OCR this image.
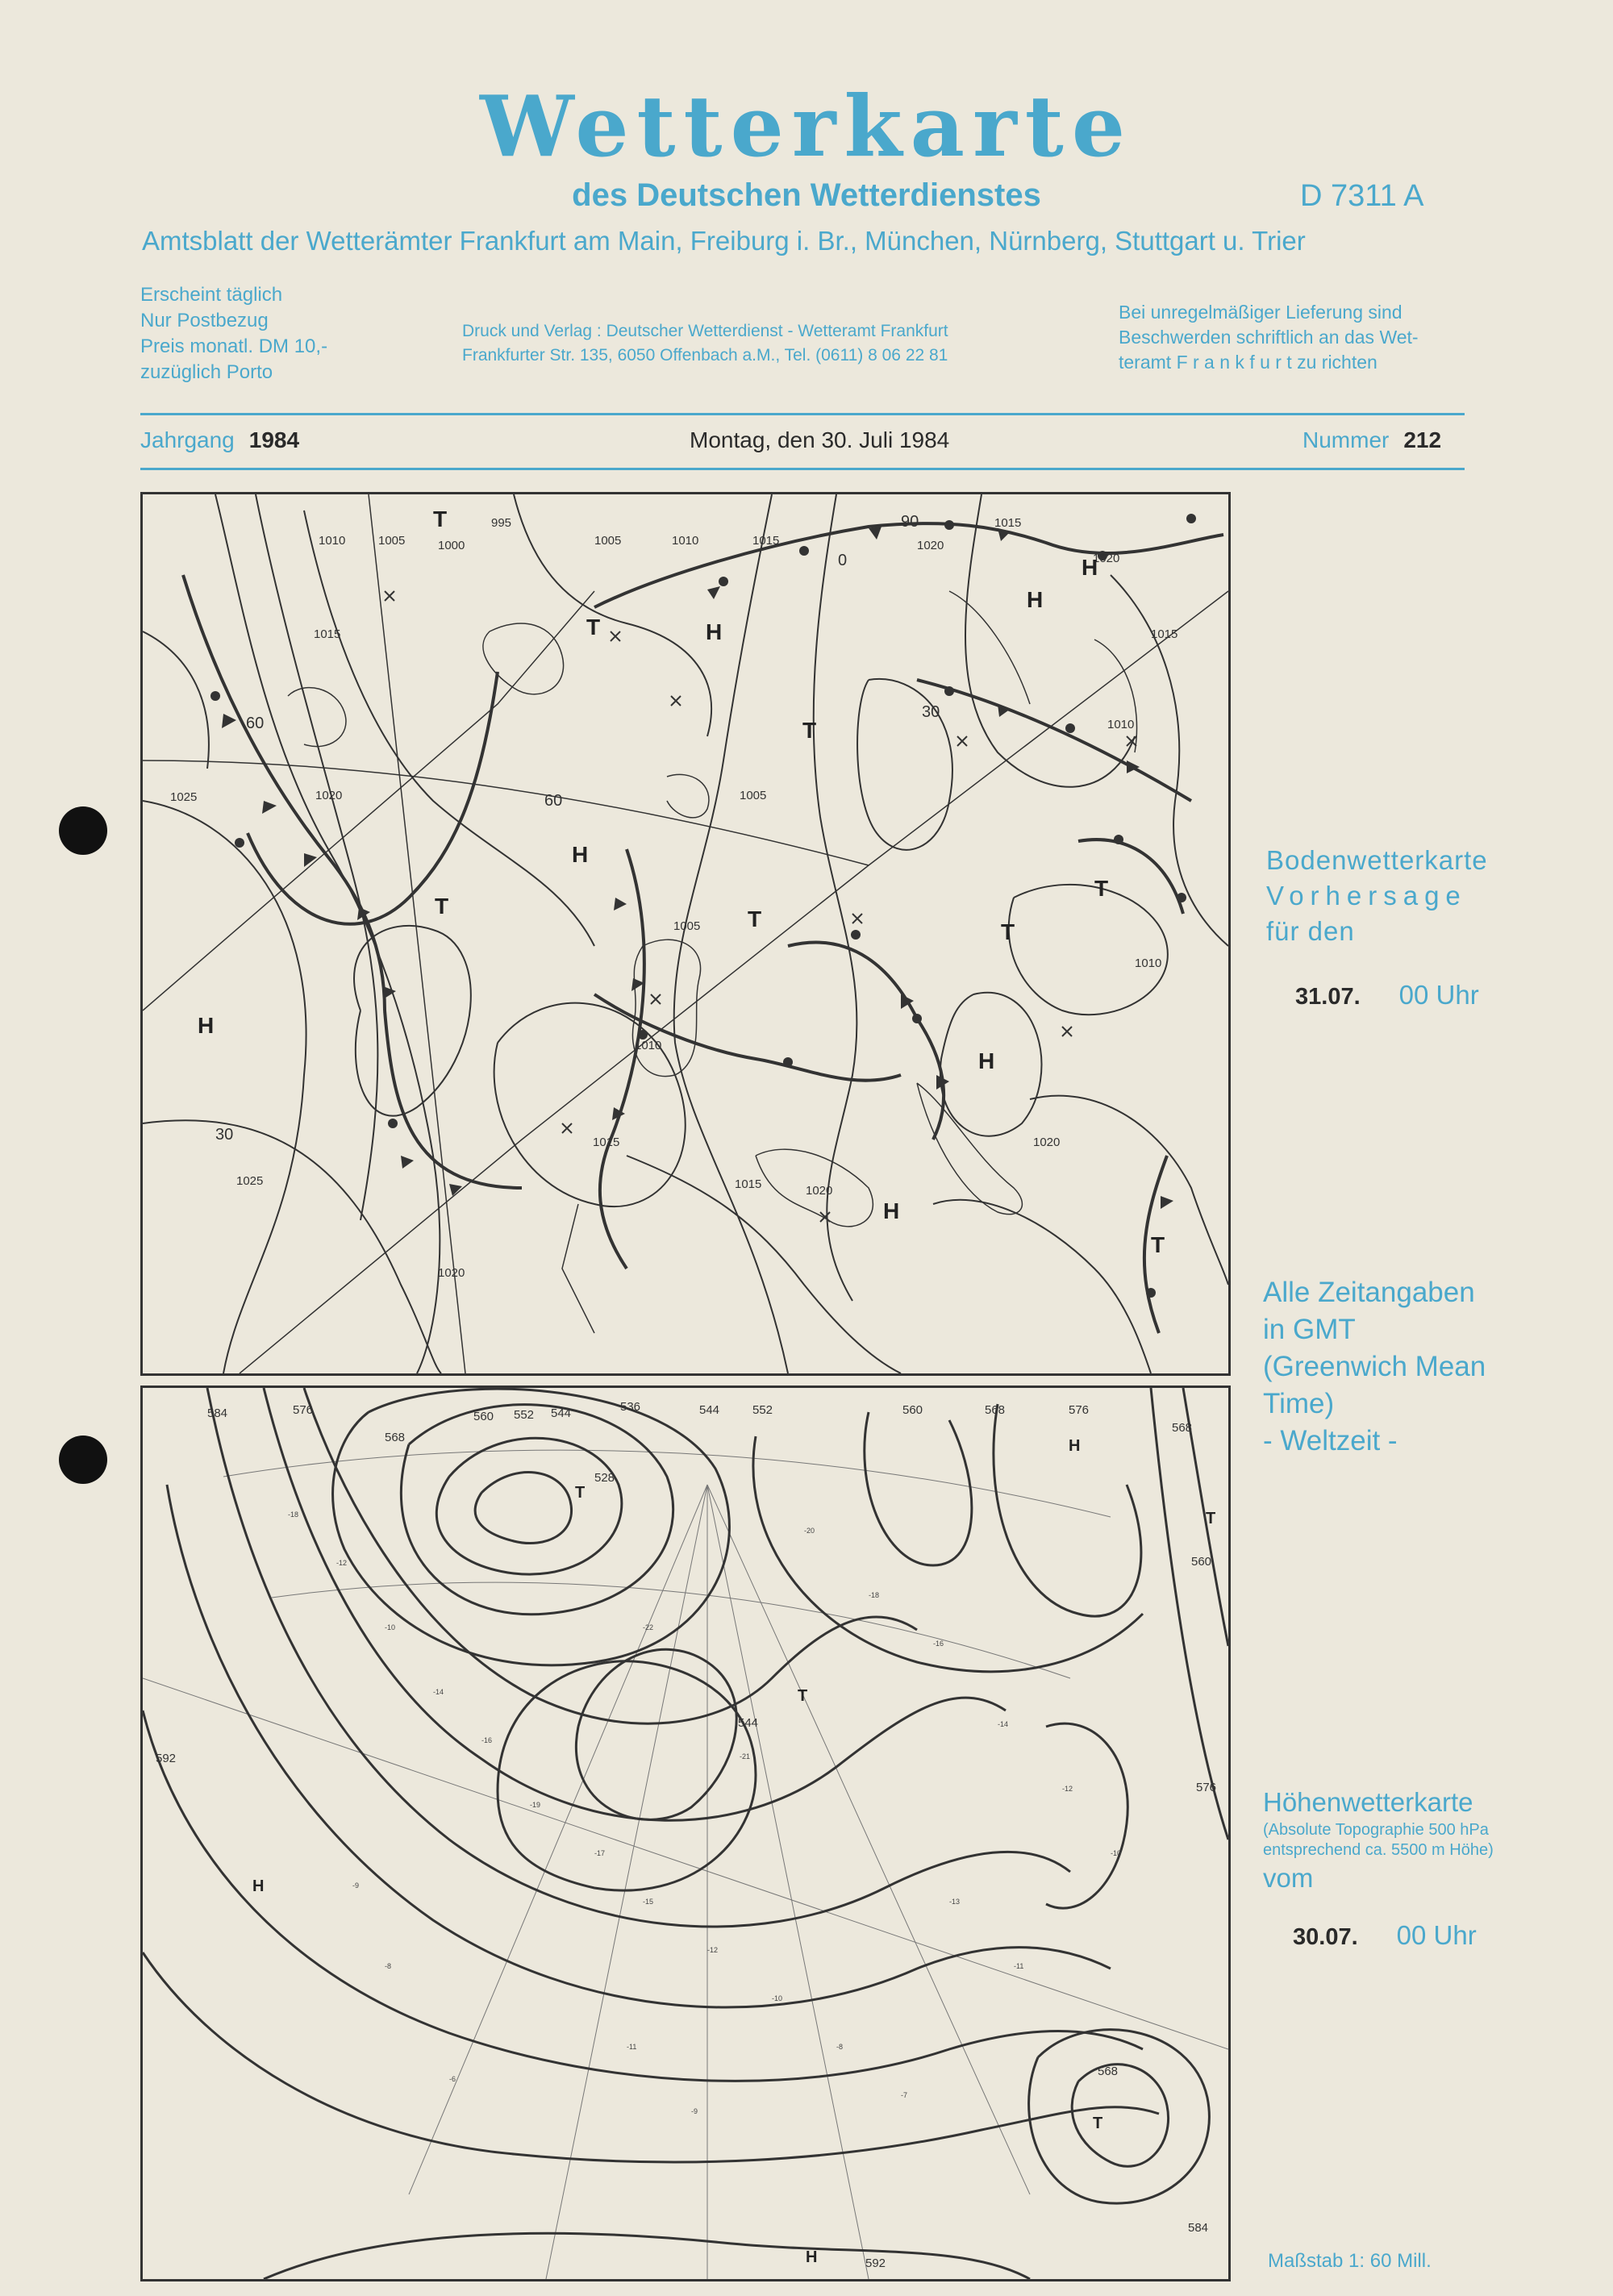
Wetterkarte
des Deutschen Wetterdienstes	D 7311 A
Amtsblatt der Wetterämter Frankfurt am Main, Freiburg i. Br., München, Nürnberg, Stuttgart u. Trier
Erscheint täglich
Nur Postbezug
Preis monatl. DM 10,-
zuzüglich Porto
Druck und Verlag : Deutscher Wetterdienst - Wetteramt Frankfurt
Frankfurter Str. 135, 6050 Offenbach a.M., Tel. (0611) 8 06 22 81
Bei unregelmäßiger Lieferung sind
Beschwerden schriftlich an das Wet-
teramt F r a n k f u r t zu richten
Jahrgang 1984	Montag, den 30. Juli 1984	Nummer 212
995
1000
1005	1005
1005
1005
1010	1010
1010
1010
1010
1015
1015
1015
1015
1015
1015
1020
1020
1020
1020
1020
1020
1025
1025
60
60
30
30
90
0
H
H
H
H
H
H
H
T
T
T
T
T
T
T
T
-18
-12
-10
-14
-16
-19
-17
-15
-12
-10
-8
-7
-20
-18
-16
-14
-12
-10
-9
-8
-6
-11
-9
-13
-11
-21
-22
584	576
568
560 552 544	536
528
544	552	560	568	576
568
560
544
592
576
568
584
592
H
H
H
T
T
T
T
Bodenwetterkarte
Vorhersage
für den
31.07. 00 Uhr
Alle Zeitangaben
in GMT
(Greenwich Mean
Time)
- Weltzeit -
Höhenwetterkarte
(Absolute Topographie 500 hPa
entsprechend ca. 5500 m Höhe)
vom
30.07. 00 Uhr
Maßstab 1: 60 Mill.
